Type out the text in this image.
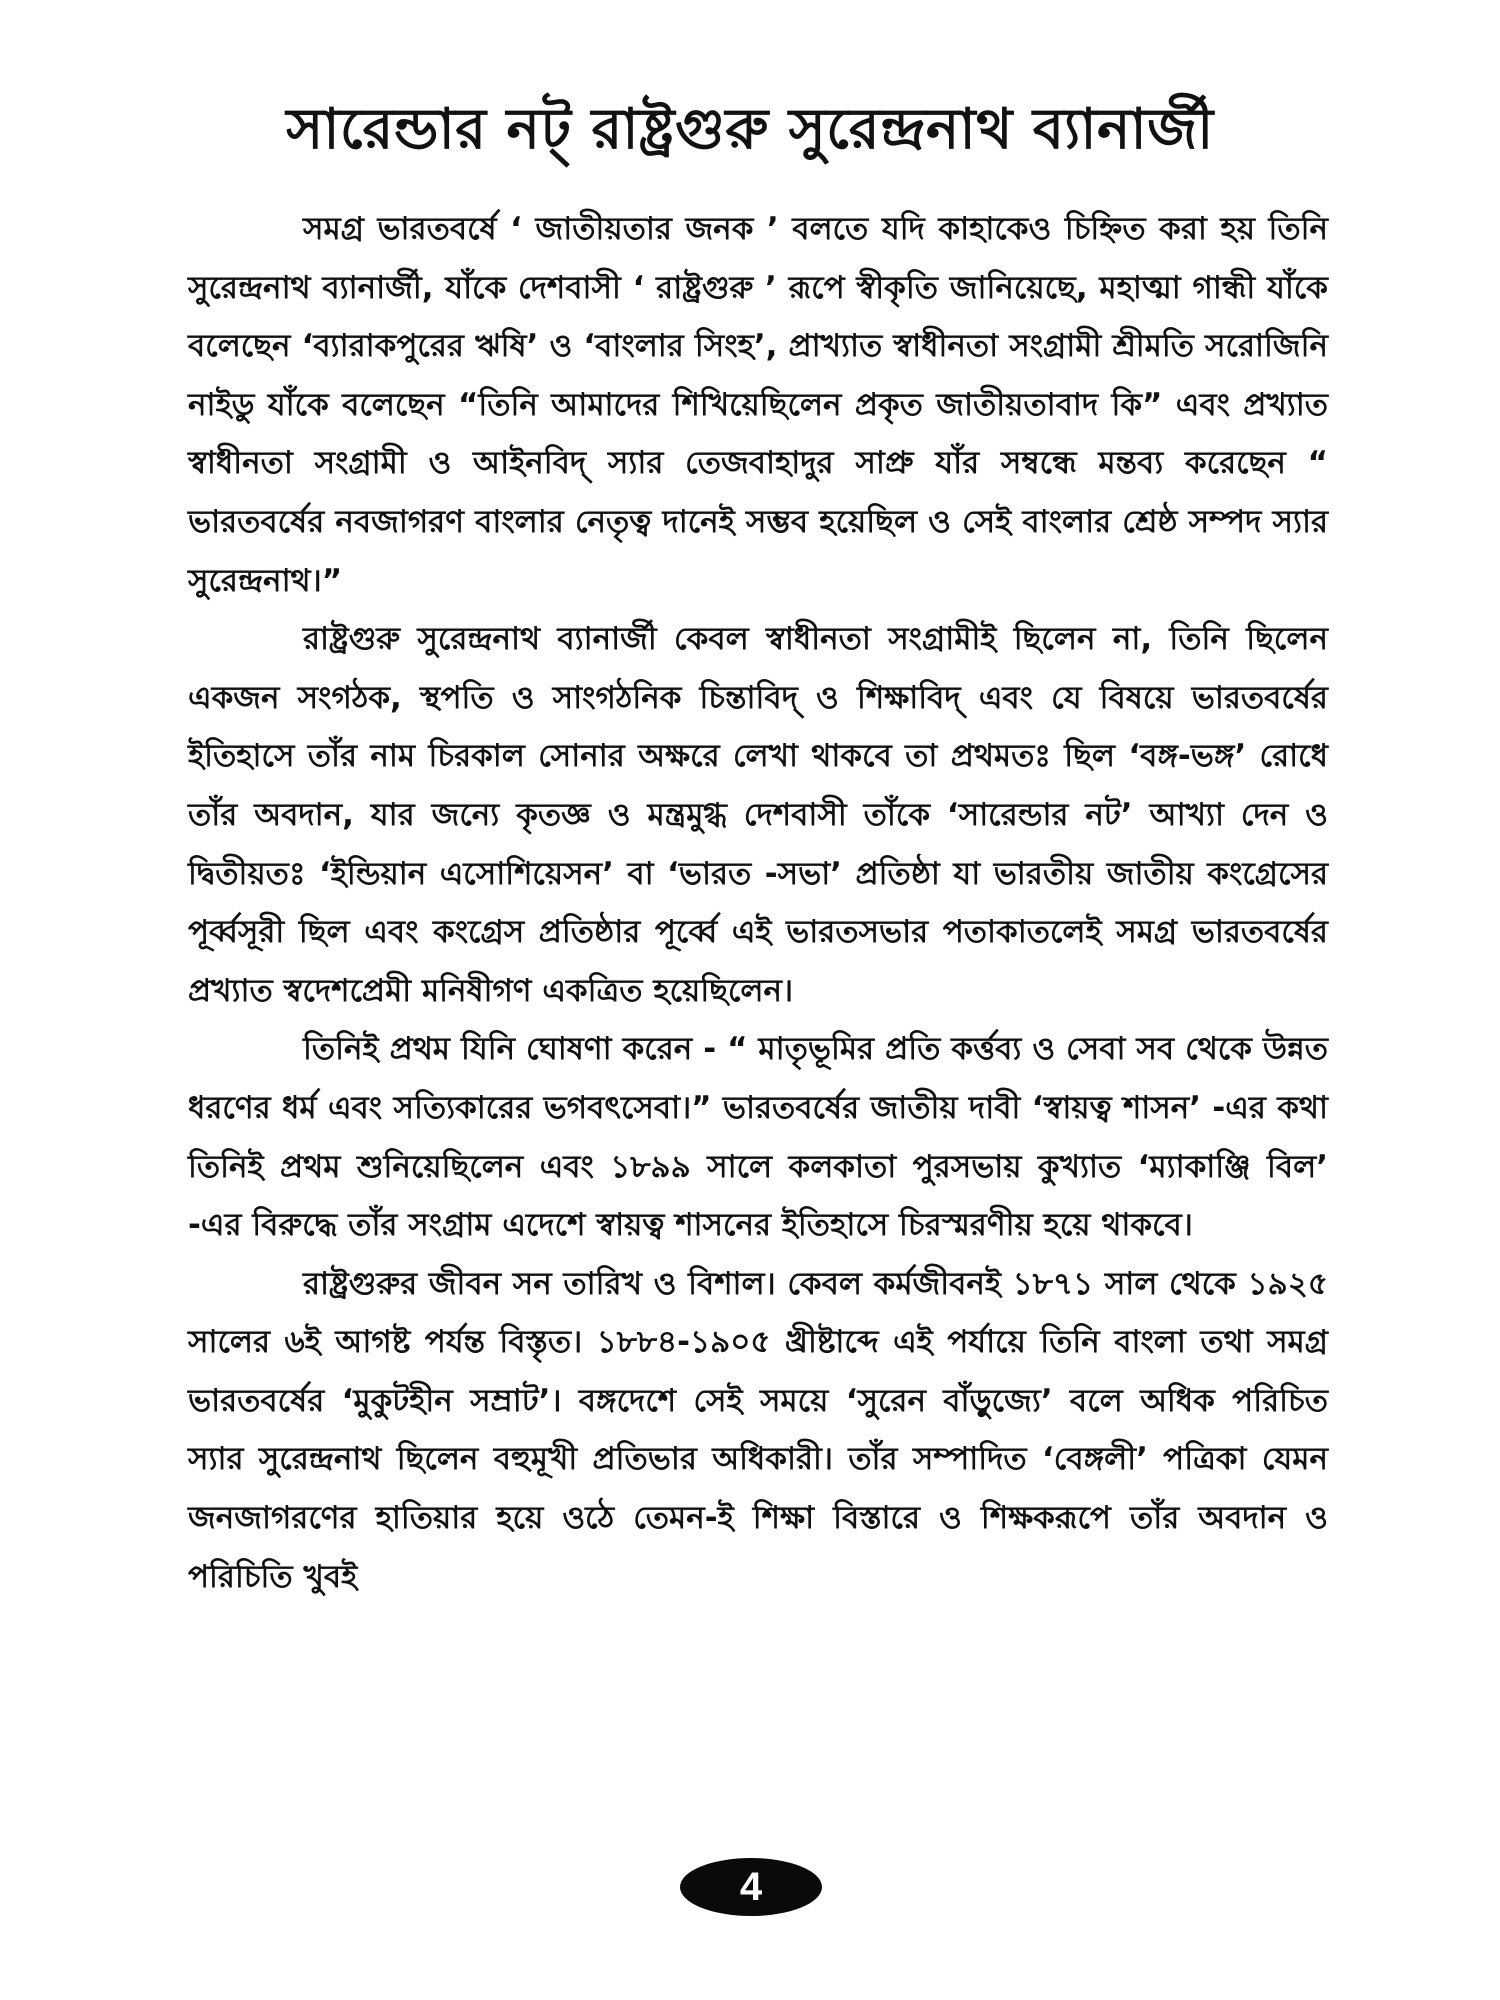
সারেন্ডার নট্ রাষ্ট্রগুরু সুরেন্দ্রনাথ ব্যানার্জী

সমগ্র ভারতবর্ষে ‘ জাতীয়তার জনক ’ বলতে যদি কাহাকেও চিহ্নিত করা হয় তিনি সুরেন্দ্রনাথ ব্যানার্জী, যাঁকে দেশবাসী ‘ রাষ্ট্রগুরু ’ রূপে স্বীকৃতি জানিয়েছে, মহাত্মা গান্ধী যাঁকে বলেছেন ‘ব্যারাকপুরের ঋষি’ ও ‘বাংলার সিংহ’, প্রাখ্যাত স্বাধীনতা সংগ্রামী শ্রীমতি সরোজিনি নাইডু যাঁকে বলেছেন “তিনি আমাদের শিখিয়েছিলেন প্রকৃত জাতীয়তাবাদ কি” এবং প্রখ্যাত স্বাধীনতা সংগ্রামী ও আইনবিদ্ স্যার তেজবাহাদুর সাপ্রু যাঁর সম্বন্ধে মন্তব্য করেছেন “ ভারতবর্ষের নবজাগরণ বাংলার নেতৃত্ব দানেই সম্ভব হয়েছিল ও সেই বাংলার শ্রেষ্ঠ সম্পদ স্যার সুরেন্দ্রনাথ।”

রাষ্ট্রগুরু সুরেন্দ্রনাথ ব্যানার্জী কেবল স্বাধীনতা সংগ্রামীই ছিলেন না, তিনি ছিলেন একজন সংগঠক, স্থপতি ও সাংগঠনিক চিন্তাবিদ্ ও শিক্ষাবিদ্ এবং যে বিষয়ে ভারতবর্ষের ইতিহাসে তাঁর নাম চিরকাল সোনার অক্ষরে লেখা থাকবে তা প্রথমতঃ ছিল ‘বঙ্গ-ভঙ্গ’ রোধে তাঁর অবদান, যার জন্যে কৃতজ্ঞ ও মন্ত্রমুগ্ধ দেশবাসী তাঁকে ‘সারেন্ডার নট’ আখ্যা দেন ও দ্বিতীয়তঃ ‘ইন্ডিয়ান এসোশিয়েসন’ বা ‘ভারত -সভা’ প্রতিষ্ঠা যা ভারতীয় জাতীয় কংগ্রেসের পূর্ব্বসূরী ছিল এবং কংগ্রেস প্রতিষ্ঠার পূর্ব্বে এই ভারতসভার পতাকাতলেই সমগ্র ভারতবর্ষের প্রখ্যাত স্বদেশপ্রেমী মনিষীগণ একত্রিত হয়েছিলেন।

তিনিই প্রথম যিনি ঘোষণা করেন - “ মাতৃভূমির প্রতি কর্ত্তব্য ও সেবা সব থেকে উন্নত ধরণের ধর্ম এবং সত্যিকারের ভগবৎসেবা।” ভারতবর্ষের জাতীয় দাবী ‘স্বায়ত্ব শাসন’ -এর কথা তিনিই প্রথম শুনিয়েছিলেন এবং ১৮৯৯ সালে কলকাতা পুরসভায় কুখ্যাত ‘ম্যাকাঞ্জি বিল’ -এর বিরুদ্ধে তাঁর সংগ্রাম এদেশে স্বায়ত্ব শাসনের ইতিহাসে চিরস্মরণীয় হয়ে থাকবে।

রাষ্ট্রগুরুর জীবন সন তারিখ ও বিশাল। কেবল কর্মজীবনই ১৮৭১ সাল থেকে ১৯২৫ সালের ৬ই আগষ্ট পর্যন্ত বিস্তৃত। ১৮৮৪-১৯০৫ খ্রীষ্টাব্দে এই পর্যায়ে তিনি বাংলা তথা সমগ্র ভারতবর্ষের ‘মুকুটহীন সম্রাট’। বঙ্গদেশে সেই সময়ে ‘সুরেন বাঁড়ুজ্যে’ বলে অধিক পরিচিত স্যার সুরেন্দ্রনাথ ছিলেন বহুমূখী প্রতিভার অধিকারী। তাঁর সম্পাদিত ‘বেঙ্গলী’ পত্রিকা যেমন জনজাগরণের হাতিয়ার হয়ে ওঠে তেমন-ই শিক্ষা বিস্তারে ও শিক্ষকরূপে তাঁর অবদান ও পরিচিতি খুবই

4
